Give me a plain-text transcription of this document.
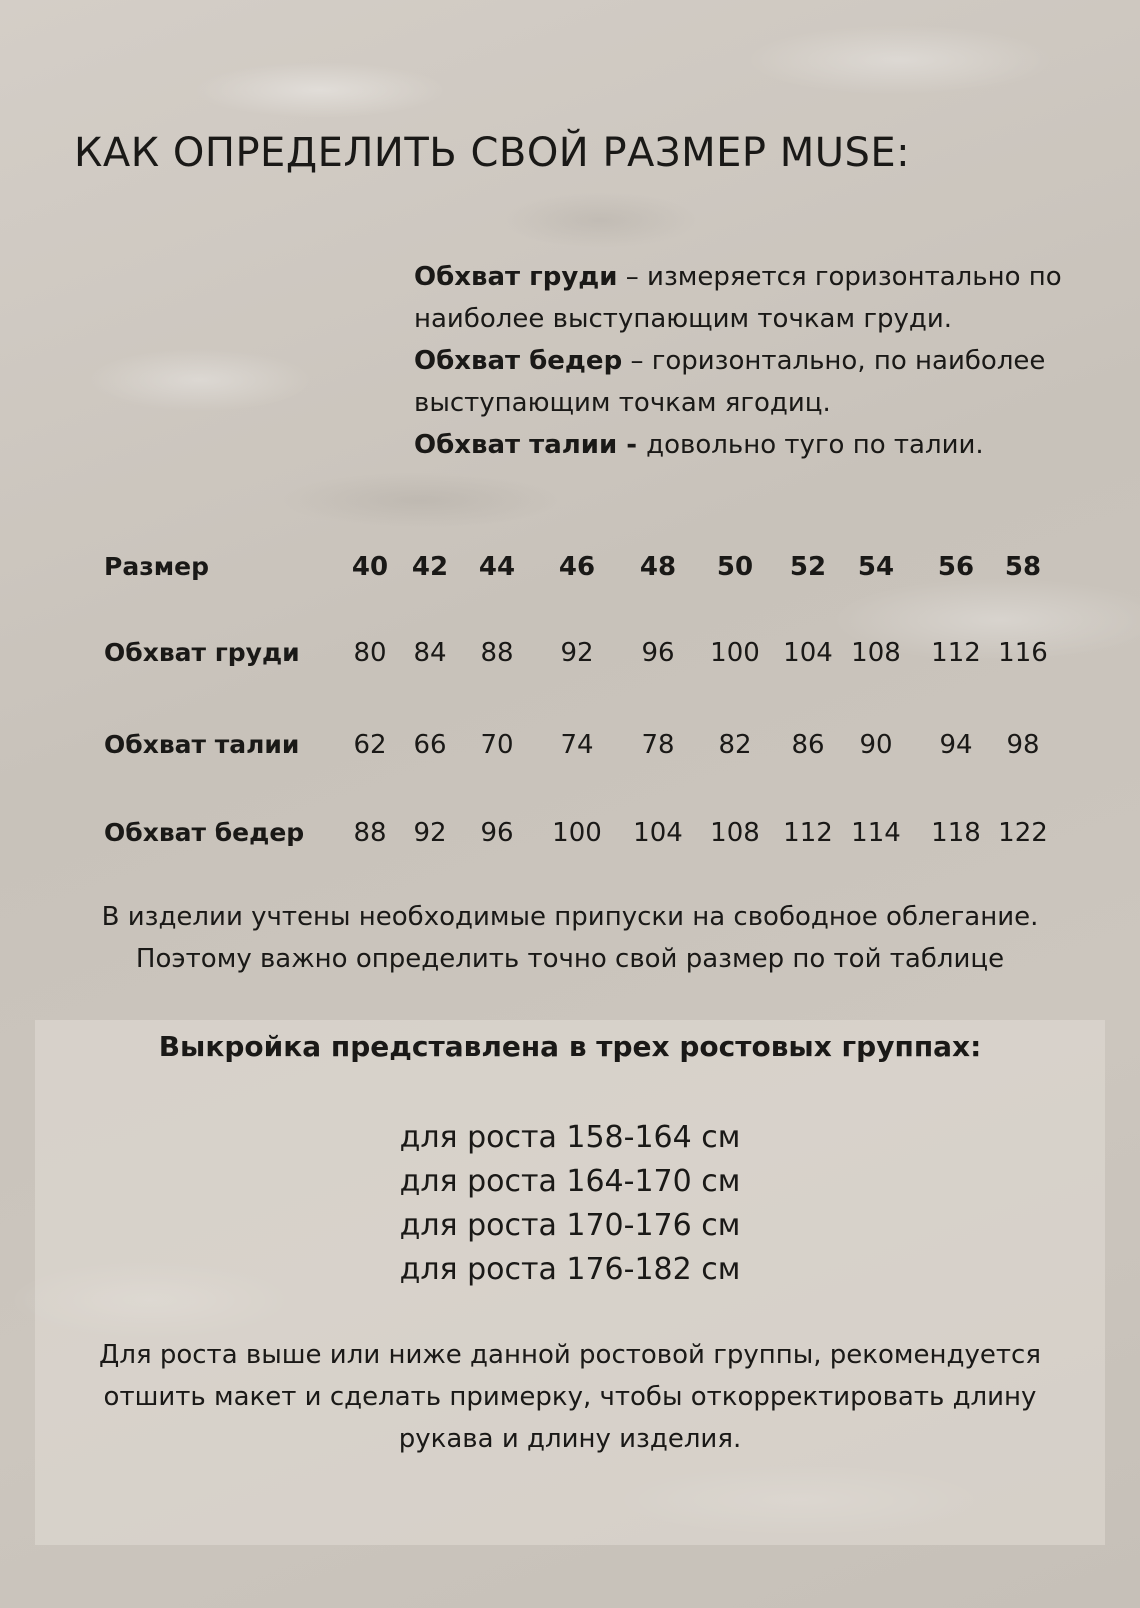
КАК ОПРЕДЕЛИТЬ СВОЙ РАЗМЕР MUSE:

Обхват груди – измеряется горизонтально по наиболее выступающим точкам груди.

Обхват бедер – горизонтально, по наиболее выступающим точкам ягодиц.

Обхват талии - довольно туго по талии.

Размер	40 42 44 46 48 50 52 54 56 58
Обхват груди 80 84 88 92 96 100 104 108 112 116
Обхват талии 62 66 70 74 78 82 86 90 94 98
Обхват бедер 88 92 96 100 104 108 112 114 118 122

В изделии учтены необходимые припуски на свободное облегание.

Поэтому важно определить точно свой размер по той таблице

Выкройка представлена в трех ростовых группах:
для роста 158-164 см
для роста 164-170 см
для роста 170-176 см
для роста 176-182 см

Для роста выше или ниже данной ростовой группы, рекомендуется

отшить макет и сделать примерку, чтобы откорректировать длину

рукава и длину изделия.
